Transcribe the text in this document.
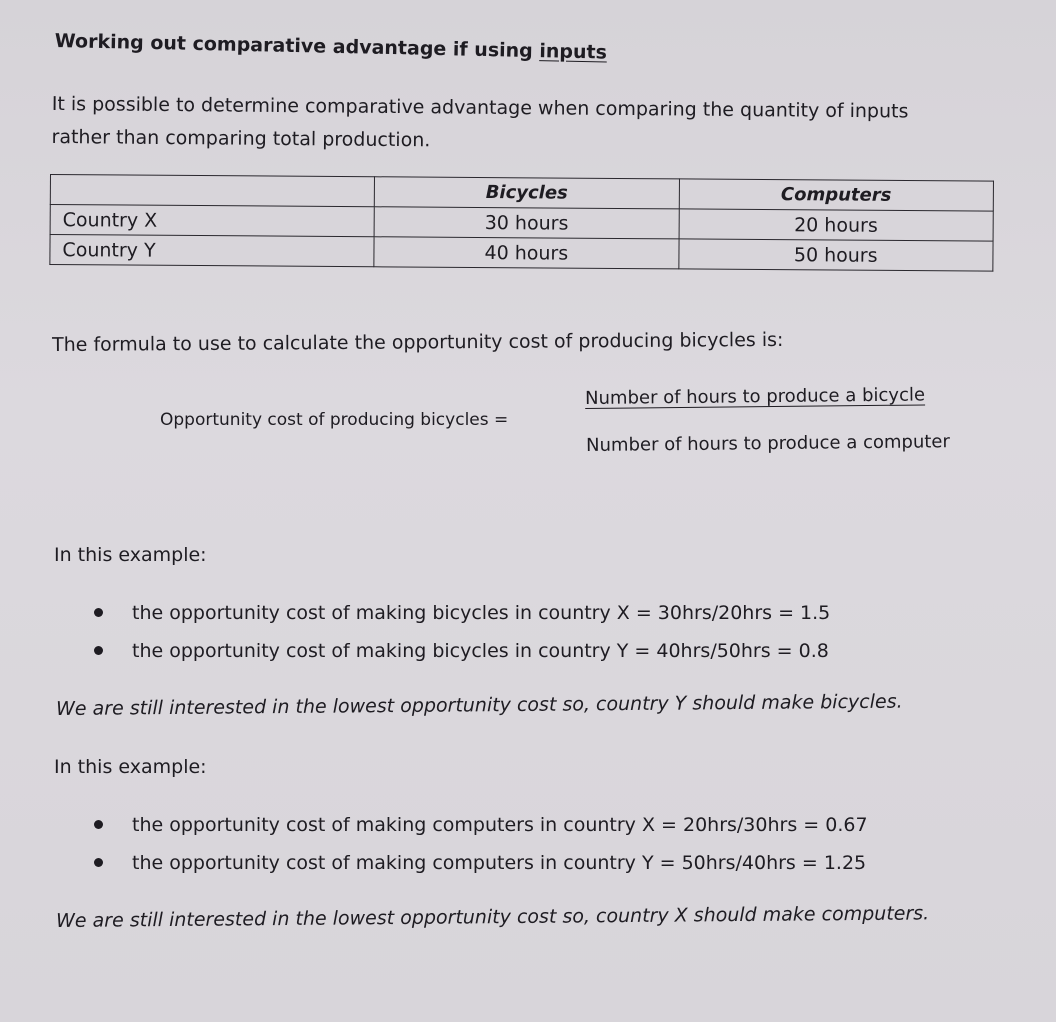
Working out comparative advantage if using inputs
It is possible to determine comparative advantage when comparing the quantity of inputs
rather than comparing total production.
	Bicycles	Computers
Country X	30 hours	20 hours
Country Y	40 hours	50 hours
The formula to use to calculate the opportunity cost of producing bicycles is:
Opportunity cost of producing bicycles =
Number of hours to produce a bicycle
Number of hours to produce a computer
In this example:
the opportunity cost of making bicycles in country X = 30hrs/20hrs = 1.5
the opportunity cost of making bicycles in country Y = 40hrs/50hrs = 0.8
We are still interested in the lowest opportunity cost so, country Y should make bicycles.
In this example:
the opportunity cost of making computers in country X = 20hrs/30hrs = 0.67
the opportunity cost of making computers in country Y = 50hrs/40hrs = 1.25
We are still interested in the lowest opportunity cost so, country X should make computers.
